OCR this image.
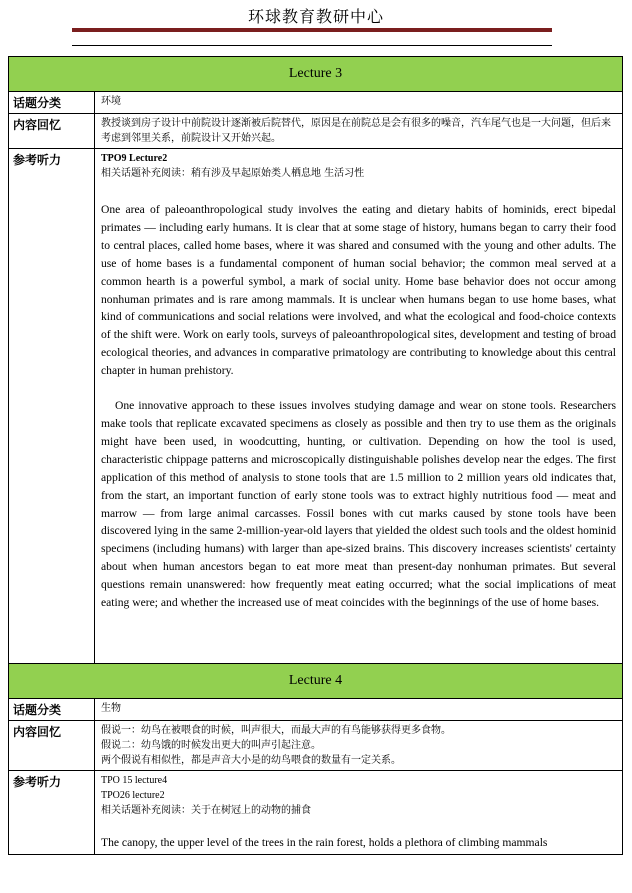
环球教育教研中心
Lecture 3	
话题分类	环境
内容回忆	教授谈到房子设计中前院设计逐渐被后院替代，原因是在前院总是会有很多的噪音，汽车尾气也是一大问题，但后来考虑到邻里关系，前院设计又开始兴起。
参考听力	TPO9 Lecture2
相关话题补充阅读：稍有涉及早起原始类人栖息地 生活习性

One area of paleoanthropological study involves the eating and dietary habits of hominids, erect bipedal primates — including early humans. It is clear that at some stage of history, humans began to carry their food to central places, called home bases, where it was shared and consumed with the young and other adults. The use of home bases is a fundamental component of human social behavior; the common meal served at a common hearth is a powerful symbol, a mark of social unity. Home base behavior does not occur among nonhuman primates and is rare among mammals. It is unclear when humans began to use home bases, what kind of communications and social relations were involved, and what the ecological and food-choice contexts of the shift were. Work on early tools, surveys of paleoanthropological sites, development and testing of broad ecological theories, and advances in comparative primatology are contributing to knowledge about this central chapter in human prehistory.

One innovative approach to these issues involves studying damage and wear on stone tools. Researchers make tools that replicate excavated specimens as closely as possible and then try to use them as the originals might have been used, in woodcutting, hunting, or cultivation. Depending on how the tool is used, characteristic chippage patterns and microscopically distinguishable polishes develop near the edges. The first application of this method of analysis to stone tools that are 1.5 million to 2 million years old indicates that, from the start, an important function of early stone tools was to extract highly nutritious food — meat and marrow — from large animal carcasses. Fossil bones with cut marks caused by stone tools have been discovered lying in the same 2-million-year-old layers that yielded the oldest such tools and the oldest hominid specimens (including humans) with larger than ape-sized brains. This discovery increases scientists' certainty about when human ancestors began to eat more meat than present-day nonhuman primates. But several questions remain unanswered: how frequently meat eating occurred; what the social implications of meat eating were; and whether the increased use of meat coincides with the beginnings of the use of home bases.

Lecture 4	
话题分类	生物
内容回忆	假说一：幼鸟在被喂食的时候，叫声很大，而最大声的有鸟能够获得更多食物。
假说二：幼鸟饿的时候发出更大的叫声引起注意。
两个假说有相似性，都是声音大小是的幼鸟喂食的数量有一定关系。

参考听力	TPO 15 lecture4
TPO26 lecture2
相关话题补充阅读：关于在树冠上的动物的捕食

The canopy, the upper level of the trees in the rain forest, holds a plethora of climbing mammals
